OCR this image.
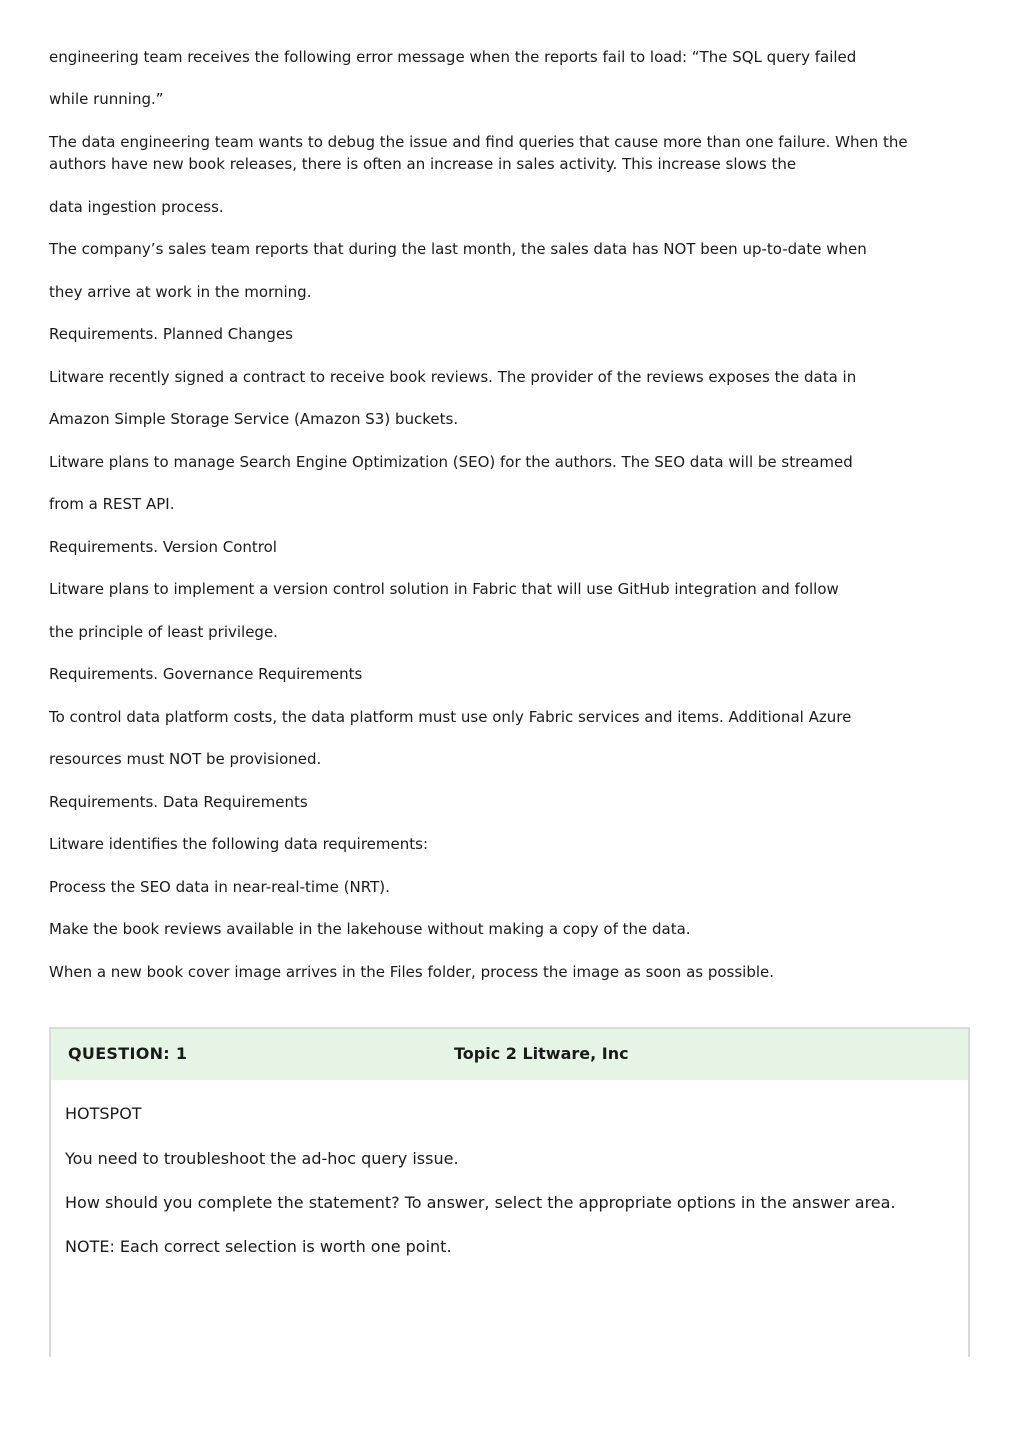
engineering team receives the following error message when the reports fail to load: “The SQL query failed

while running.”

The data engineering team wants to debug the issue and find queries that cause more than one failure. When the authors have new book releases, there is often an increase in sales activity. This increase slows the

data ingestion process.

The company’s sales team reports that during the last month, the sales data has NOT been up-to-date when

they arrive at work in the morning.

Requirements. Planned Changes

Litware recently signed a contract to receive book reviews. The provider of the reviews exposes the data in

Amazon Simple Storage Service (Amazon S3) buckets.

Litware plans to manage Search Engine Optimization (SEO) for the authors. The SEO data will be streamed

from a REST API.

Requirements. Version Control

Litware plans to implement a version control solution in Fabric that will use GitHub integration and follow

the principle of least privilege.

Requirements. Governance Requirements

To control data platform costs, the data platform must use only Fabric services and items. Additional Azure

resources must NOT be provisioned.

Requirements. Data Requirements

Litware identifies the following data requirements:

Process the SEO data in near-real-time (NRT).

Make the book reviews available in the lakehouse without making a copy of the data.

When a new book cover image arrives in the Files folder, process the image as soon as possible.

QUESTION: 1	Topic 2 Litware, Inc

HOTSPOT

You need to troubleshoot the ad-hoc query issue.

How should you complete the statement? To answer, select the appropriate options in the answer area.

NOTE: Each correct selection is worth one point.
